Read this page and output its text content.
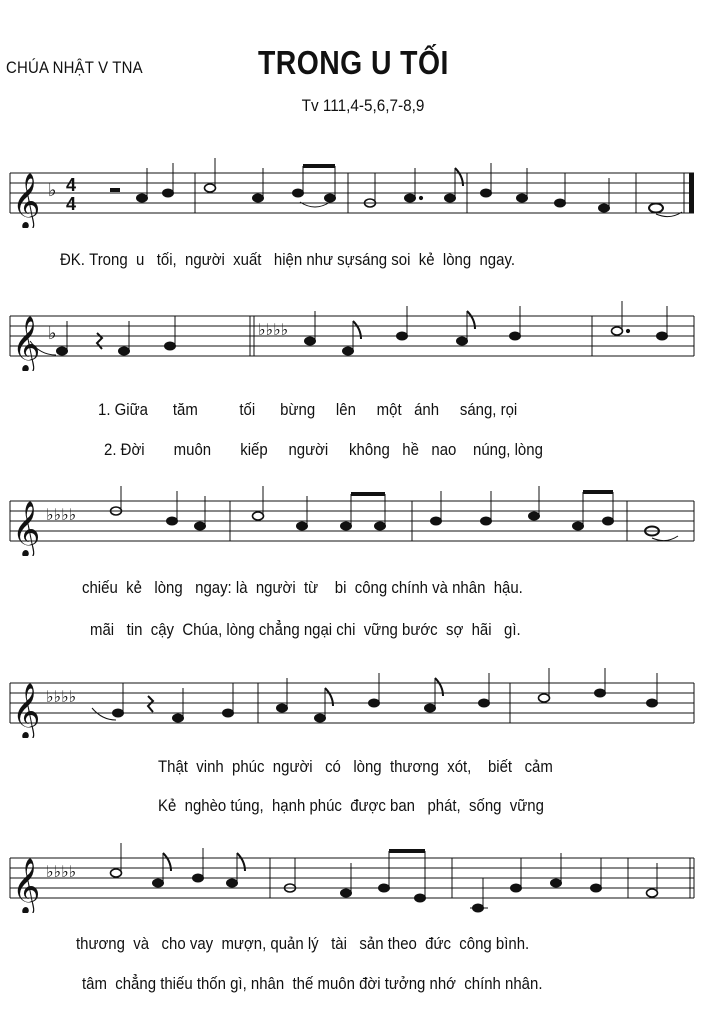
CHÚA NHẬT V TNA	TRONG U TỐI
Tv 111,4-5,6,7-8,9
𝄞 ♭ 4
4
𝄞 ♭	♭♭♭♭
𝄞 ♭♭♭♭
𝄞 ♭♭♭♭
𝄞 ♭♭♭♭
ĐK. Trong u tối, người xuất hiện như sựsáng soi kẻ lòng ngay.
1. Giữa tăm tối bừng lên một ánh sáng, rọi
2. Đời muôn kiếp người không hề nao núng, lòng
chiếu kẻ lòng ngay: là người từ bi công chính và nhân hậu.
mãi tin cậy Chúa, lòng chẳng ngại chi vững bước sợ hãi gì.
Thật vinh phúc người có lòng thương xót, biết cảm
Kẻ nghèo túng, hạnh phúc được ban phát, sống vững
thương và cho vay mượn, quản lý tài sản theo đức công bình.
tâm chẳng thiếu thốn gì, nhân thế muôn đời tưởng nhớ chính nhân.
